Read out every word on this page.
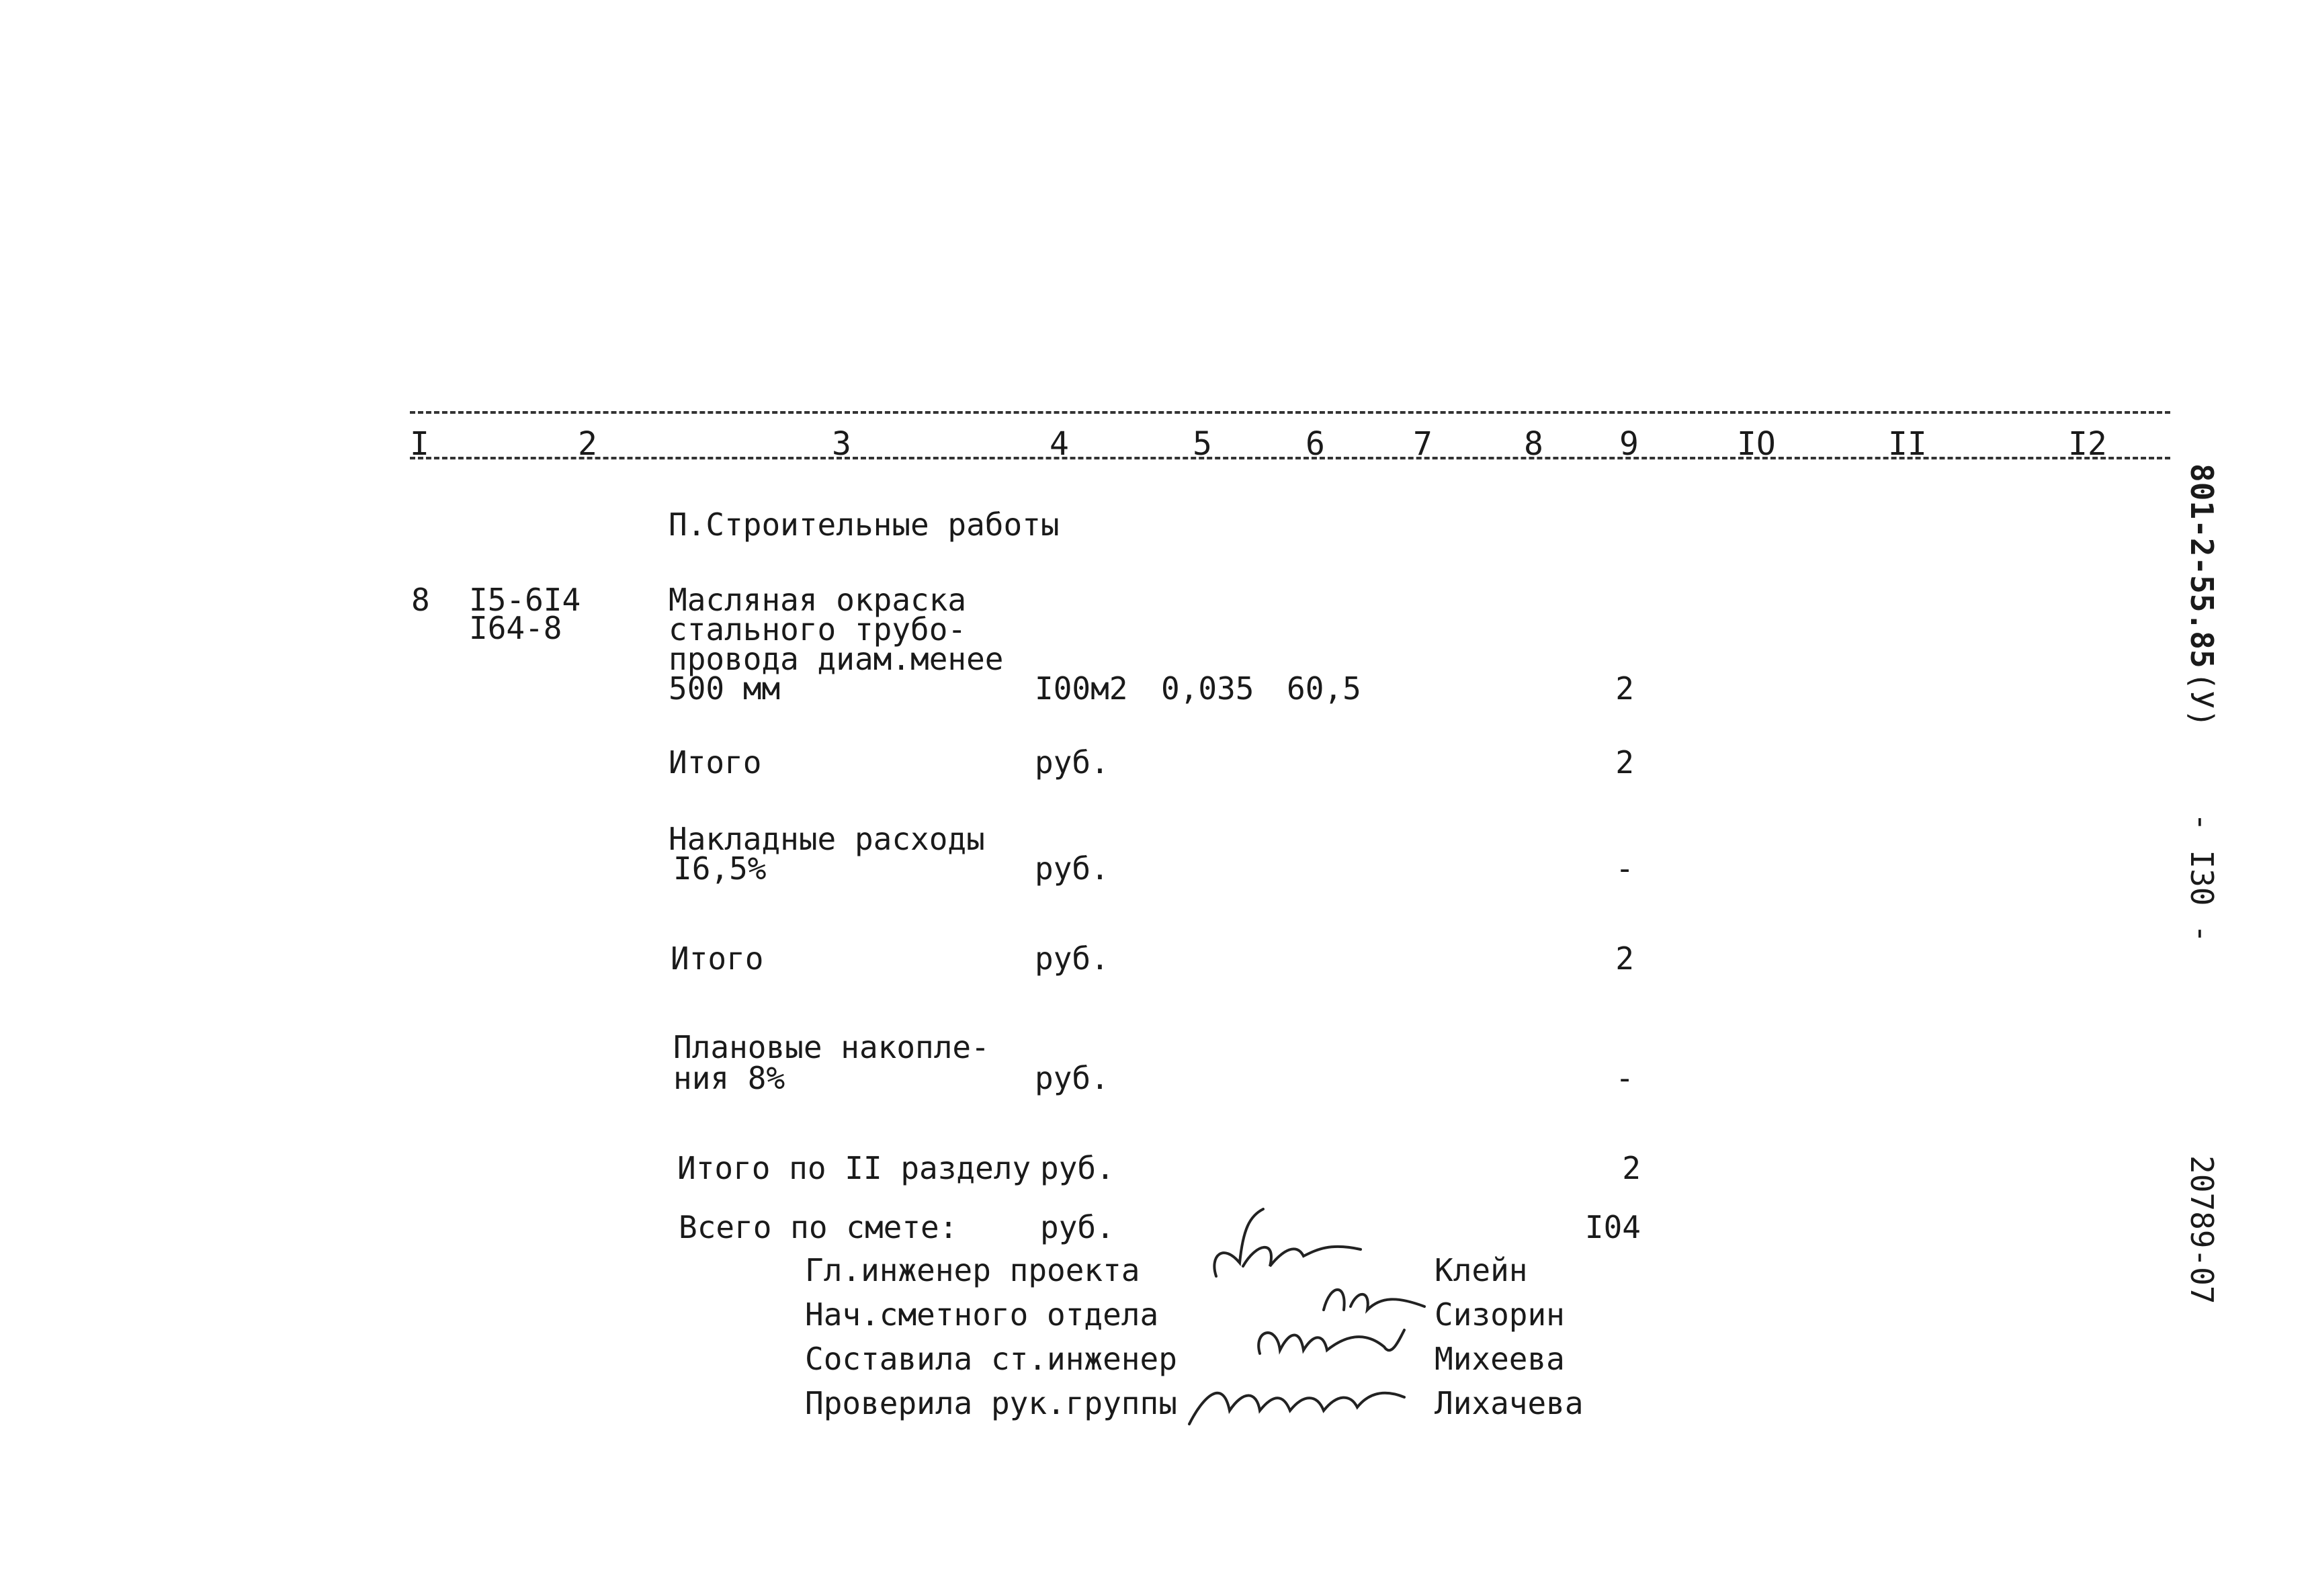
I	2	3	4	5	6	7	8 9	IO	II	I2
П.Строительные работы
8 I5-6I4
I64-8
Масляная окраска
стального трубо-
провода диам.менее
500 мм	I00м2 0,035 60,5	2
Итого	руб.	2
Накладные расходы
I6,5%	руб.	-
Итого	руб.	2
Плановые накопле-
ния 8%	руб.	-
Итого по II разделу руб.	2
Всего по смете:	руб.	I04
Гл.инженер проекта	Клейн
Нач.сметного отдела	Сизорин
Составила ст.инженер	Михеева
Проверила рук.группы	Лихачева
801-2-55.85
(У)
- I30 -
20789-07
